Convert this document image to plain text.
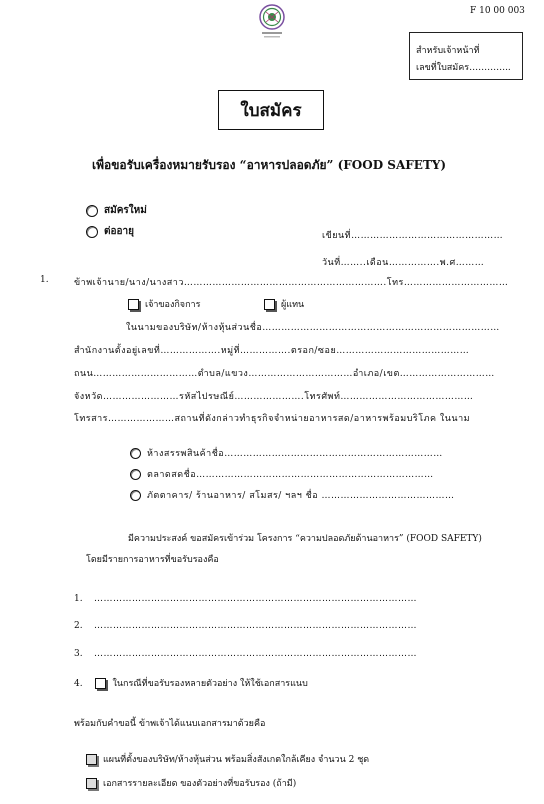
F 10 00 003
สำหรับเจ้าหน้าที่
เลขที่ใบสมัคร…………..
ใบสมัคร
เพื่อขอรับเครื่องหมายรับรอง “อาหารปลอดภัย” (FOOD SAFETY)
สมัครใหม่
ต่ออายุ	เขียนที่…………………………………………
วันที่……..เดือน…………….พ.ศ………
1.	ข้าพเจ้านาย/นาง/นางสาว……………………………………………………….โทร……………………………
เจ้าของกิจการ	ผู้แทน
ในนามของบริษัท/ห้างหุ้นส่วนชื่อ…………………………………………………………………
สำนักงานตั้งอยู่เลขที่……………….หมู่ที่…………….ตรอก/ซอย……………………………………
ถนน……………………………ตำบล/แขวง……………………………อำเภอ/เขต…………………………
จังหวัด……………………รหัสไปรษณีย์………………….โทรศัพท์……………………………………
โทรสาร…………………สถานที่ดังกล่าวทำธุรกิจจำหน่ายอาหารสด/อาหารพร้อมบริโภค ในนาม
ห้างสรรพสินค้าชื่อ……………………………………………………………
ตลาดสดชื่อ…………………………………………………………………
ภัตตาคาร/ ร้านอาหาร/ สโมสร/ ฯลฯ ชื่อ ……………………………………
มีความประสงค์ ขอสมัครเข้าร่วม โครงการ “ความปลอดภัยด้านอาหาร” (FOOD SAFETY)
โดยมีรายการอาหารที่ขอรับรองคือ
1. …………………………………………………………………………………………
2. …………………………………………………………………………………………
3. …………………………………………………………………………………………
4.	ในกรณีที่ขอรับรองหลายตัวอย่าง ให้ใช้เอกสารแนบ
พร้อมกับคำขอนี้ ข้าพเจ้าได้แนบเอกสารมาด้วยคือ
แผนที่ตั้งของบริษัท/ห้างหุ้นส่วน พร้อมสิ่งสังเกตใกล้เคียง จำนวน 2 ชุด
เอกสารรายละเอียด ของตัวอย่างที่ขอรับรอง (ถ้ามี)
